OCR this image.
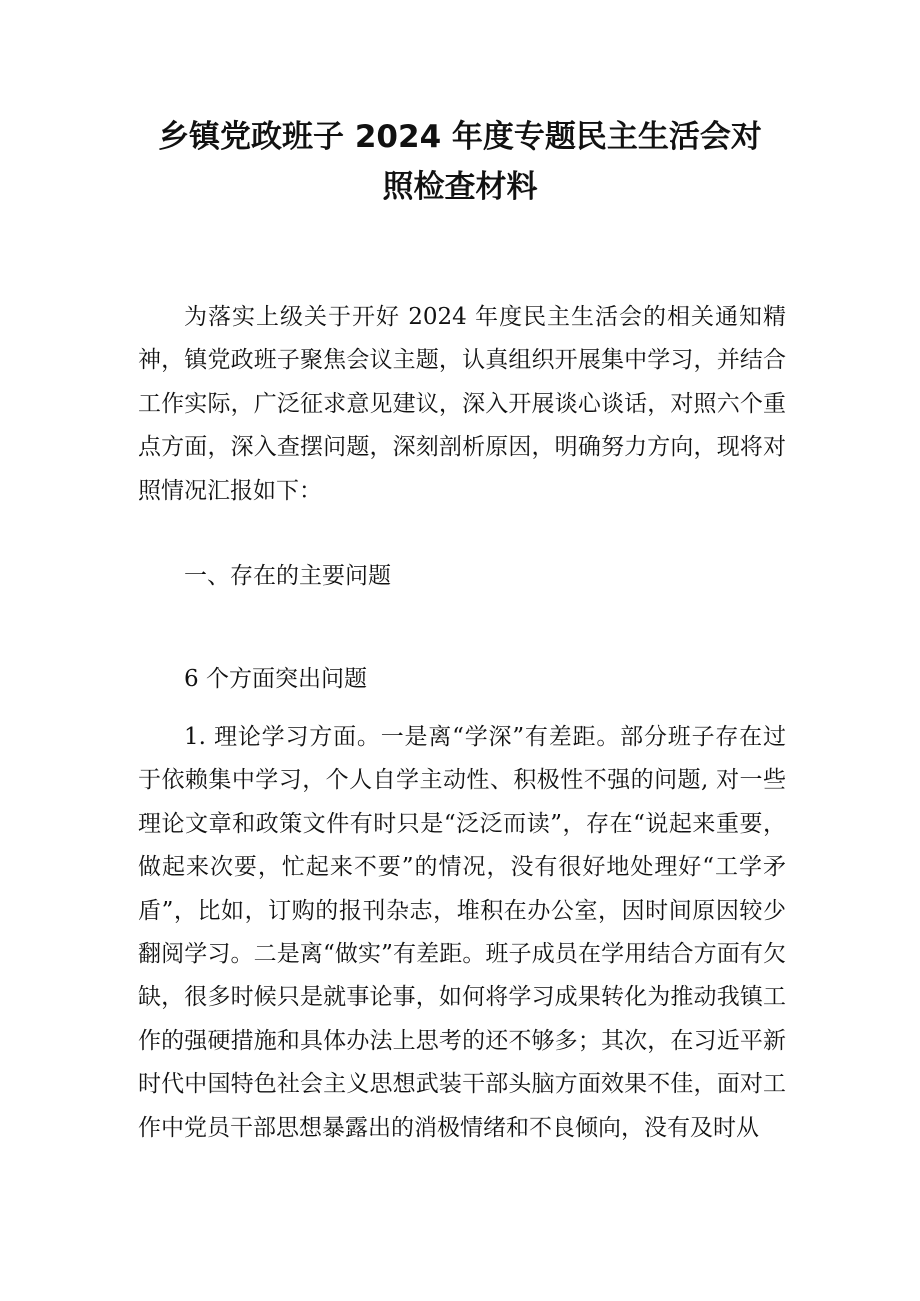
乡镇党政班子 2024 年度专题民主生活会对
照检查材料

为落实上级关于开好 2024 年度民主生活会的相关通知精神，镇党政班子聚焦会议主题，认真组织开展集中学习，并结合工作实际，广泛征求意见建议，深入开展谈心谈话，对照六个重点方面，深入查摆问题，深刻剖析原因，明确努力方向，现将对照情况汇报如下：

一、存在的主要问题

6 个方面突出问题

1. 理论学习方面。一是离“学深”有差距。部分班子存在过于依赖集中学习，个人自学主动性、积极性不强的问题, 对一些理论文章和政策文件有时只是“泛泛而读”，存在“说起来重要，做起来次要，忙起来不要”的情况，没有很好地处理好“工学矛盾”，比如，订购的报刊杂志，堆积在办公室，因时间原因较少翻阅学习。二是离“做实”有差距。班子成员在学用结合方面有欠缺，很多时候只是就事论事，如何将学习成果转化为推动我镇工作的强硬措施和具体办法上思考的还不够多；其次，在习近平新时代中国特色社会主义思想武装干部头脑方面效果不佳，面对工作中党员干部思想暴露出的消极情绪和不良倾向，没有及时从
